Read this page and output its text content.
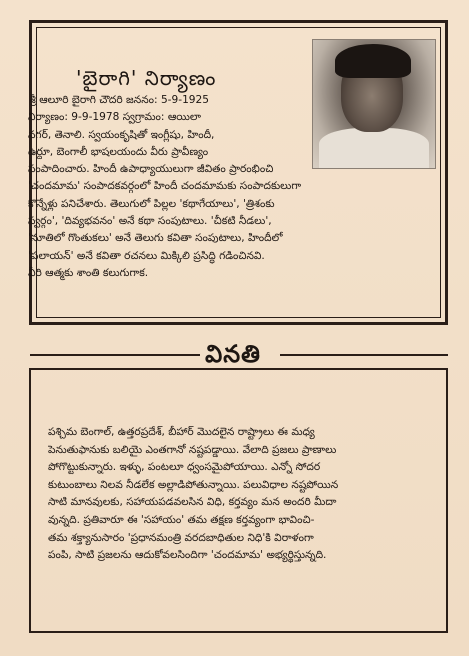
'బైరాగి' నిర్యాణం
శ్రీ ఆలూరి బైరాగి చౌదరి జననం: 5-9-1925
నిర్యాణం: 9-9-1978 స్వగ్రామం: ఆయిలా
నగర్, తెనాలి. స్వయంకృషితో ఇంగ్లీషు, హిందీ,
ఉర్దూ, బెంగాలీ భాషలయందు వీరు ప్రావీణ్యం
సంపాదించారు. హిందీ ఉపాధ్యాయులుగా జీవితం ప్రారంభించి
'చందమామ' సంపాదకవర్గంలో హిందీ చందమామకు సంపాదకులుగా
కొన్నేళ్లు పనిచేశారు. తెలుగులో పిల్లల 'కథాగేయాలు', 'త్రిశంకు
స్వర్గం', 'దివ్యభవనం' అనే కథా సంపుటాలు. 'చీకటి నీడలు',
'నూతిలో గొంతుకలు' అనే తెలుగు కవితా సంపుటాలు, హిందీలో
'పలాయన్' అనే కవితా రచనలు మిక్కిలి ప్రసిద్ధి గడించినవి.
వీరి ఆత్మకు శాంతి కలుగుగాక.
వినతి
పశ్చిమ బెంగాల్, ఉత్తరప్రదేశ్, బీహార్ మొదలైన రాష్ట్రాలు ఈ మధ్య
పెనుతుఫానుకు బలియై ఎంతగానో నష్టపడ్డాయి. వేలాది ప్రజలు ప్రాణాలు
పోగొట్టుకున్నారు. ఇళ్ళు, పంటలూ ధ్వంసమైపోయాయి. ఎన్నో సోదర
కుటుంబాలు నిలవ నీడలేక అల్లాడిపోతున్నాయి. పలువిధాల నష్టపోయిన
సాటి మానవులకు, సహాయపడవలసిన విధి, కర్తవ్యం మన అందరి మీదా
వున్నది. ప్రతివారూ ఈ 'సహాయం' తమ తక్షణ కర్తవ్యంగా భావించి-
తమ శక్త్యానుసారం 'ప్రధానమంత్రి వరదబాధితుల నిధి'కి విరాళంగా
పంపి, సాటి ప్రజలను ఆదుకోవలసిందిగా 'చందమామ' అభ్యర్థిస్తున్నది.
